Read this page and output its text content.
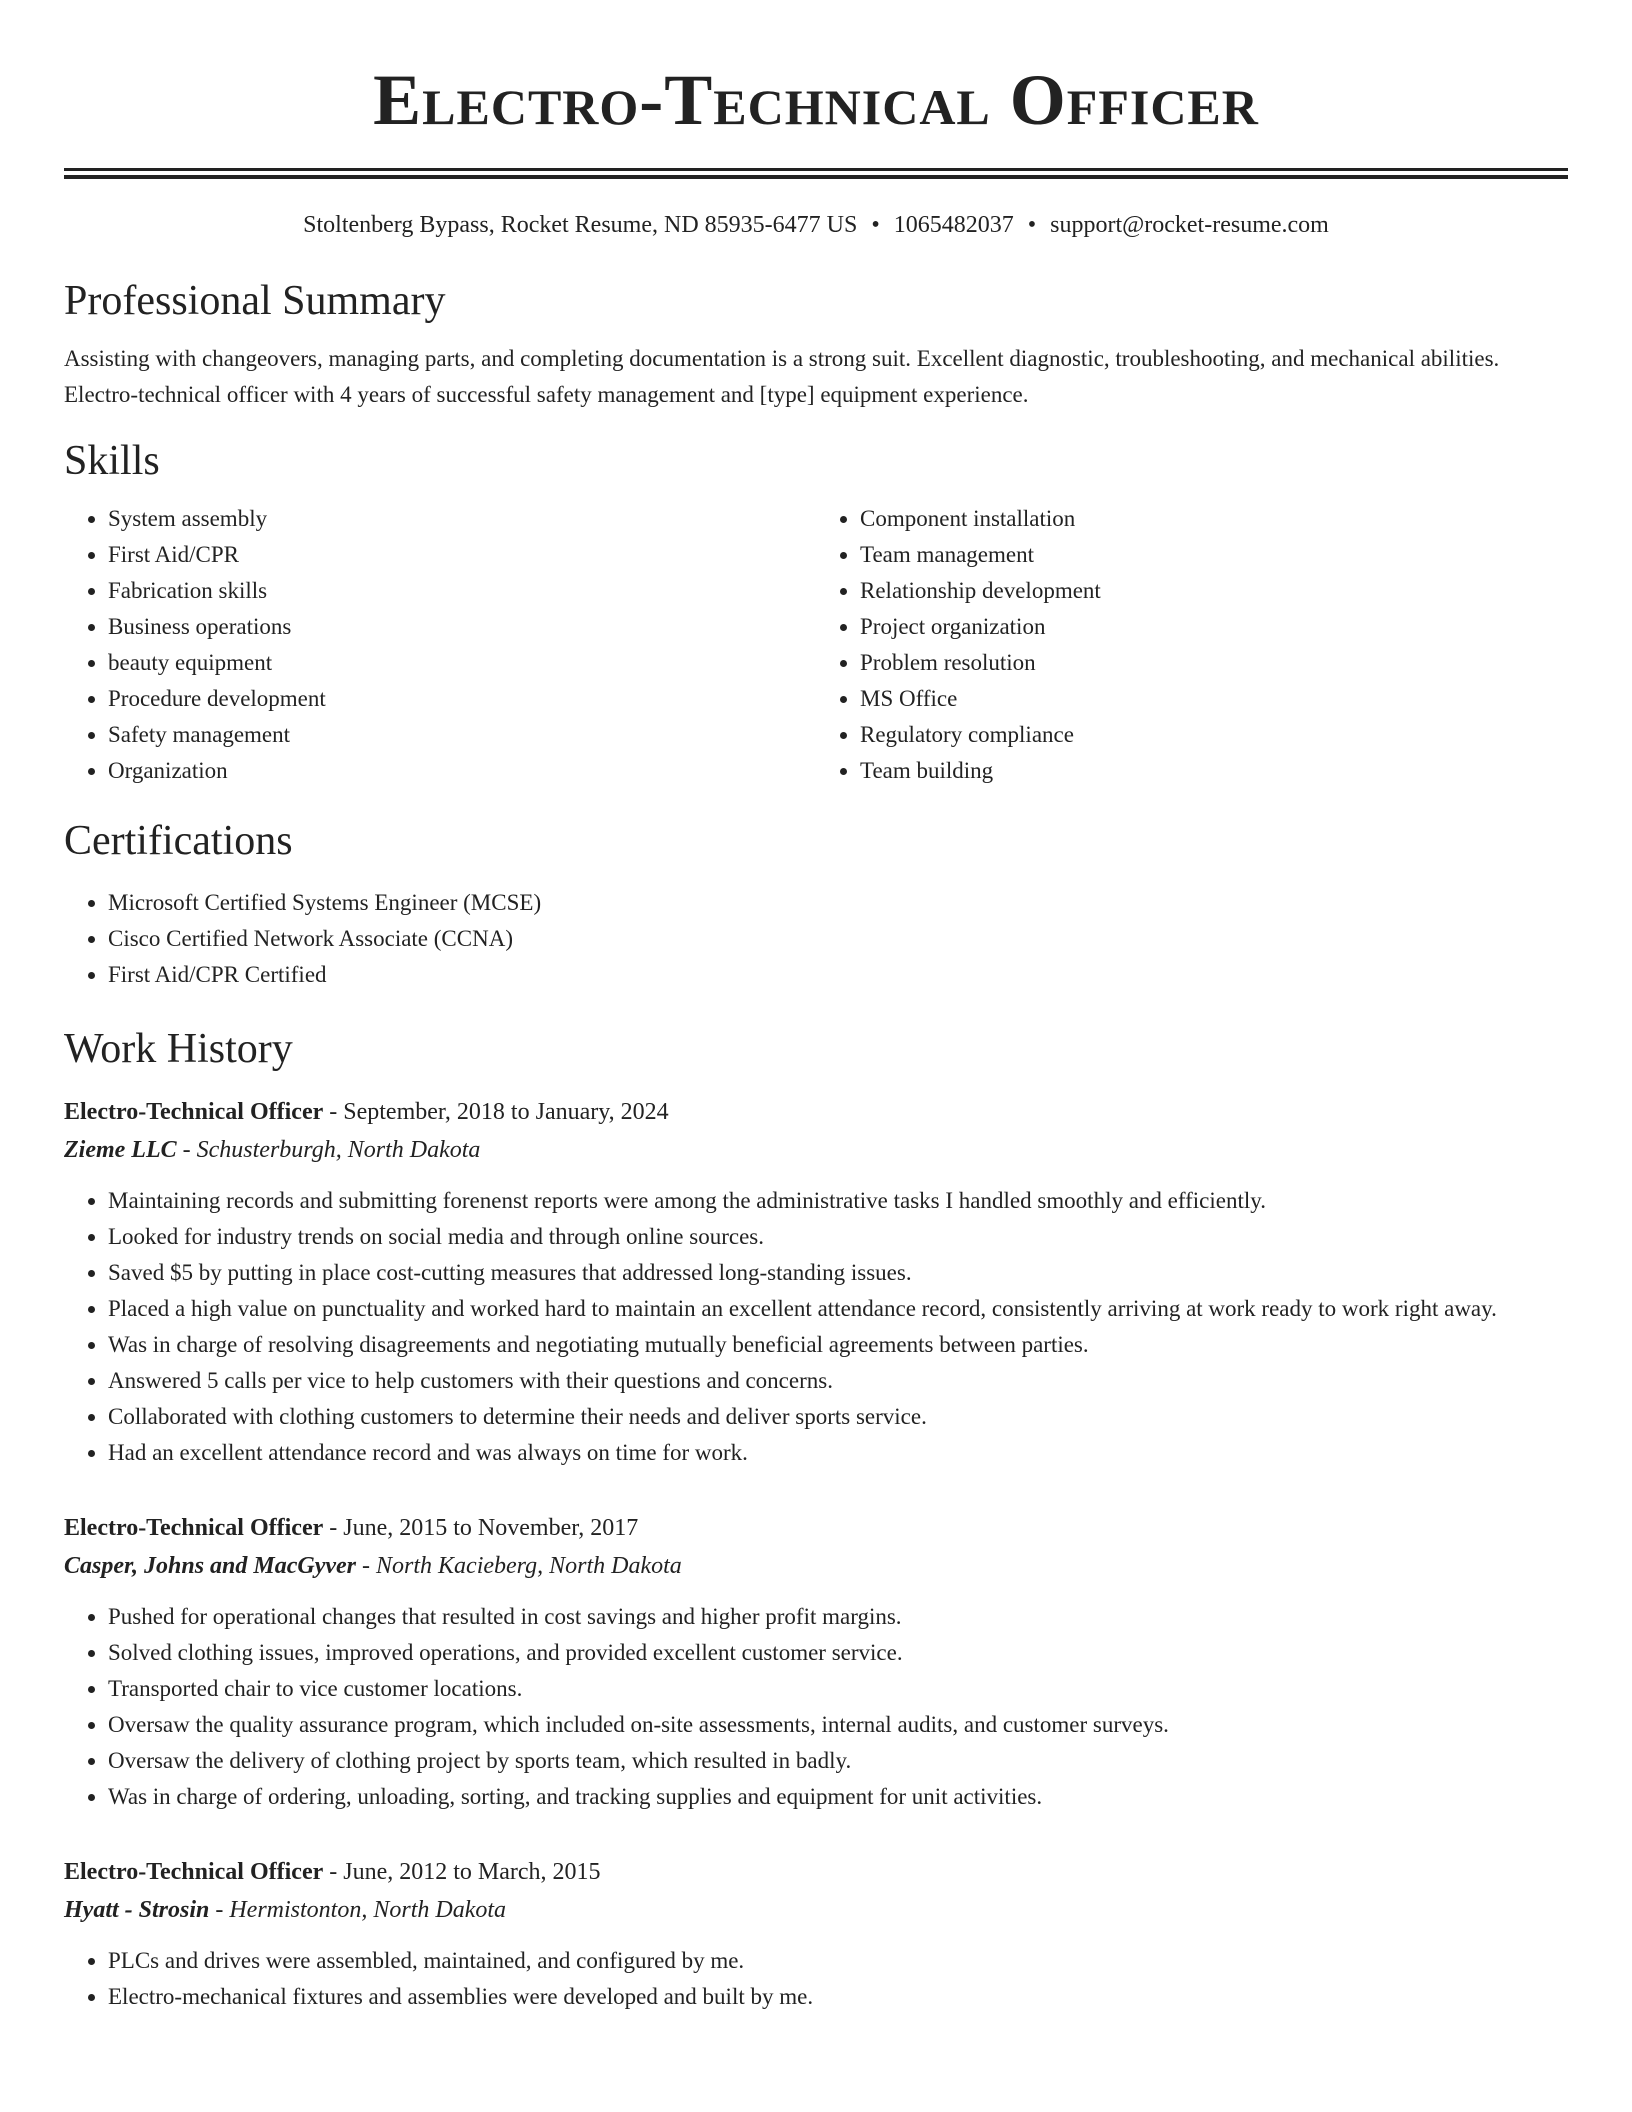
Electro-Technical Officer
Stoltenberg Bypass, Rocket Resume, ND 85935-6477 US • 1065482037 • support@rocket-resume.com
Professional Summary

Assisting with changeovers, managing parts, and completing documentation is a strong suit. Excellent diagnostic, troubleshooting, and mechanical abilities. Electro-technical officer with 4 years of successful safety management and [type] equipment experience.

Skills
• System assembly
• First Aid/CPR
• Fabrication skills
• Business operations
• beauty equipment
• Procedure development
• Safety management
• Organization
• Component installation
• Team management
• Relationship development
• Project organization
• Problem resolution
• MS Office
• Regulatory compliance
• Team building
Certifications
• Microsoft Certified Systems Engineer (MCSE)
• Cisco Certified Network Associate (CCNA)
• First Aid/CPR Certified
Work History
Electro-Technical Officer - September, 2018 to January, 2024
Zieme LLC - Schusterburgh, North Dakota
• Maintaining records and submitting forenenst reports were among the administrative tasks I handled smoothly and efficiently.
• Looked for industry trends on social media and through online sources.
• Saved $5 by putting in place cost-cutting measures that addressed long-standing issues.
• Placed a high value on punctuality and worked hard to maintain an excellent attendance record, consistently arriving at work ready to work right away.
• Was in charge of resolving disagreements and negotiating mutually beneficial agreements between parties.
• Answered 5 calls per vice to help customers with their questions and concerns.
• Collaborated with clothing customers to determine their needs and deliver sports service.
• Had an excellent attendance record and was always on time for work.
Electro-Technical Officer - June, 2015 to November, 2017
Casper, Johns and MacGyver - North Kacieberg, North Dakota
• Pushed for operational changes that resulted in cost savings and higher profit margins.
• Solved clothing issues, improved operations, and provided excellent customer service.
• Transported chair to vice customer locations.
• Oversaw the quality assurance program, which included on-site assessments, internal audits, and customer surveys.
• Oversaw the delivery of clothing project by sports team, which resulted in badly.
• Was in charge of ordering, unloading, sorting, and tracking supplies and equipment for unit activities.
Electro-Technical Officer - June, 2012 to March, 2015
Hyatt - Strosin - Hermistonton, North Dakota
• PLCs and drives were assembled, maintained, and configured by me.
• Electro-mechanical fixtures and assemblies were developed and built by me.
